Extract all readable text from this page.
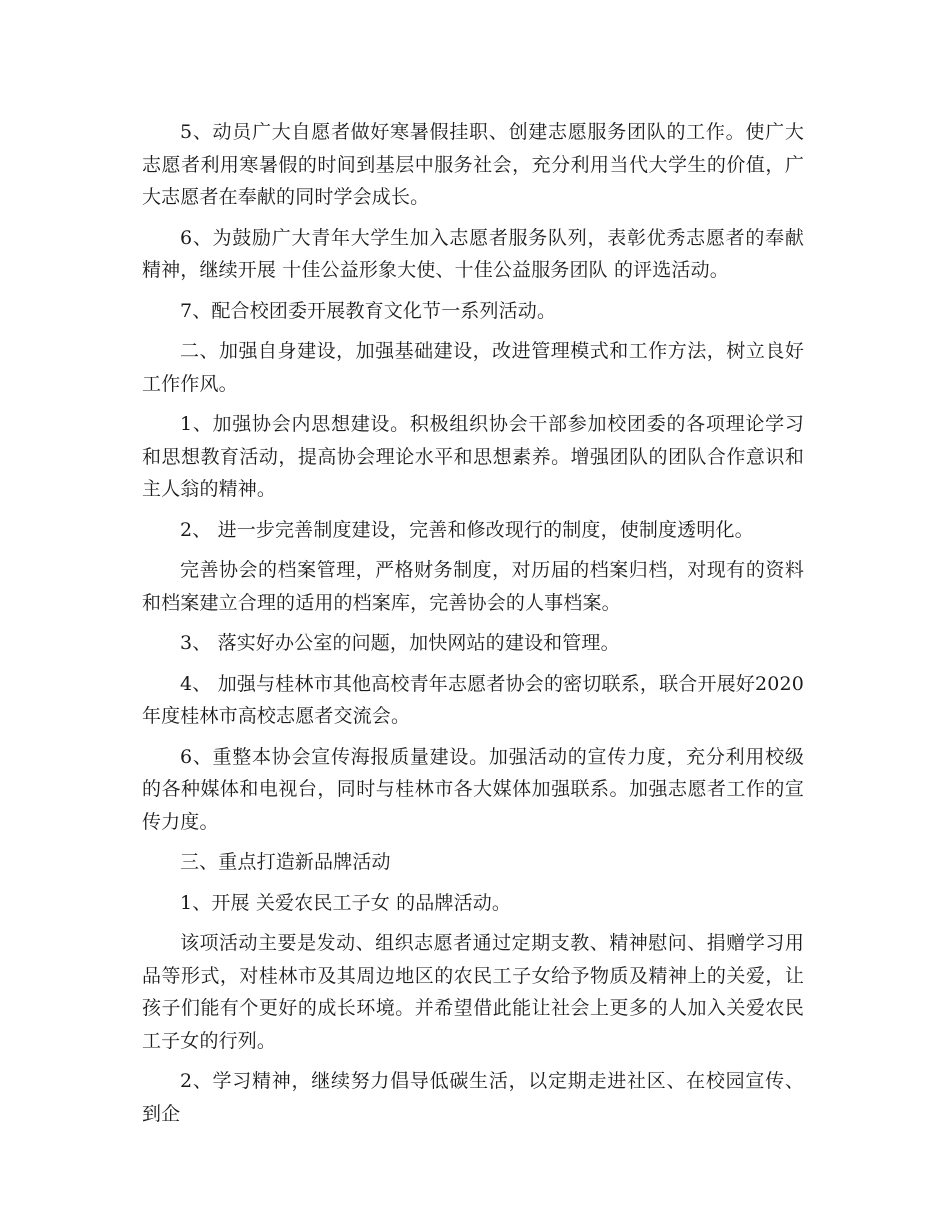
5、动员广大自愿者做好寒暑假挂职、创建志愿服务团队的工作。使广大志愿者利用寒暑假的时间到基层中服务社会，充分利用当代大学生的价值，广大志愿者在奉献的同时学会成长。

6、为鼓励广大青年大学生加入志愿者服务队列，表彰优秀志愿者的奉献精神，继续开展 十佳公益形象大使、十佳公益服务团队 的评选活动。

7、配合校团委开展教育文化节一系列活动。

二、加强自身建设，加强基础建设，改进管理模式和工作方法，树立良好工作作风。

1、加强协会内思想建设。积极组织协会干部参加校团委的各项理论学习和思想教育活动，提高协会理论水平和思想素养。增强团队的团队合作意识和主人翁的精神。

2、 进一步完善制度建设，完善和修改现行的制度，使制度透明化。

完善协会的档案管理，严格财务制度，对历届的档案归档，对现有的资料和档案建立合理的适用的档案库，完善协会的人事档案。

3、 落实好办公室的问题，加快网站的建设和管理。

4、 加强与桂林市其他高校青年志愿者协会的密切联系，联合开展好2020年度桂林市高校志愿者交流会。

6、重整本协会宣传海报质量建设。加强活动的宣传力度，充分利用校级的各种媒体和电视台，同时与桂林市各大媒体加强联系。加强志愿者工作的宣传力度。

三、重点打造新品牌活动

1、开展 关爱农民工子女 的品牌活动。

该项活动主要是发动、组织志愿者通过定期支教、精神慰问、捐赠学习用品等形式，对桂林市及其周边地区的农民工子女给予物质及精神上的关爱，让孩子们能有个更好的成长环境。并希望借此能让社会上更多的人加入关爱农民工子女的行列。

2、学习精神，继续努力倡导低碳生活，以定期走进社区、在校园宣传、到企
